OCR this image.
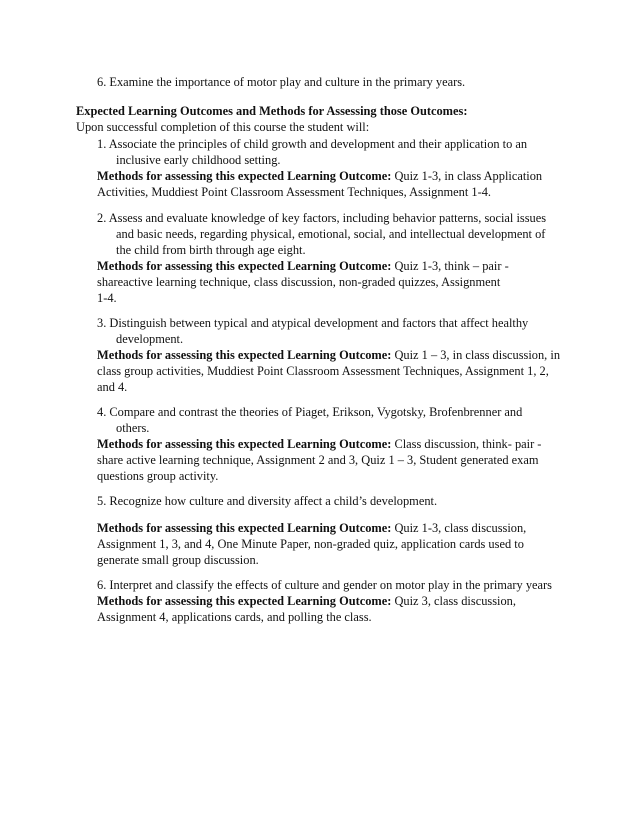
6. Examine the importance of motor play and culture in the primary years.
Expected Learning Outcomes and Methods for Assessing those Outcomes:
Upon successful completion of this course the student will:
1. Associate the principles of child growth and development and their application to an
inclusive early childhood setting.
Methods for assessing this expected Learning Outcome: Quiz 1-3, in class Application
Activities, Muddiest Point Classroom Assessment Techniques, Assignment 1-4.
2. Assess and evaluate knowledge of key factors, including behavior patterns, social issues
and basic needs, regarding physical, emotional, social, and intellectual development of
the child from birth through age eight.
Methods for assessing this expected Learning Outcome: Quiz 1-3, think – pair -
shareactive learning technique, class discussion, non-graded quizzes, Assignment
1-4.
3. Distinguish between typical and atypical development and factors that affect healthy
development.
Methods for assessing this expected Learning Outcome: Quiz 1 – 3, in class discussion, in
class group activities, Muddiest Point Classroom Assessment Techniques, Assignment 1, 2,
and 4.
4. Compare and contrast the theories of Piaget, Erikson, Vygotsky, Brofenbrenner and
others.
Methods for assessing this expected Learning Outcome: Class discussion, think- pair -
share active learning technique, Assignment 2 and 3, Quiz 1 – 3, Student generated exam
questions group activity.
5. Recognize how culture and diversity affect a child’s development.
Methods for assessing this expected Learning Outcome: Quiz 1-3, class discussion,
Assignment 1, 3, and 4, One Minute Paper, non-graded quiz, application cards used to
generate small group discussion.
6. Interpret and classify the effects of culture and gender on motor play in the primary years
Methods for assessing this expected Learning Outcome: Quiz 3, class discussion,
Assignment 4, applications cards, and polling the class.
